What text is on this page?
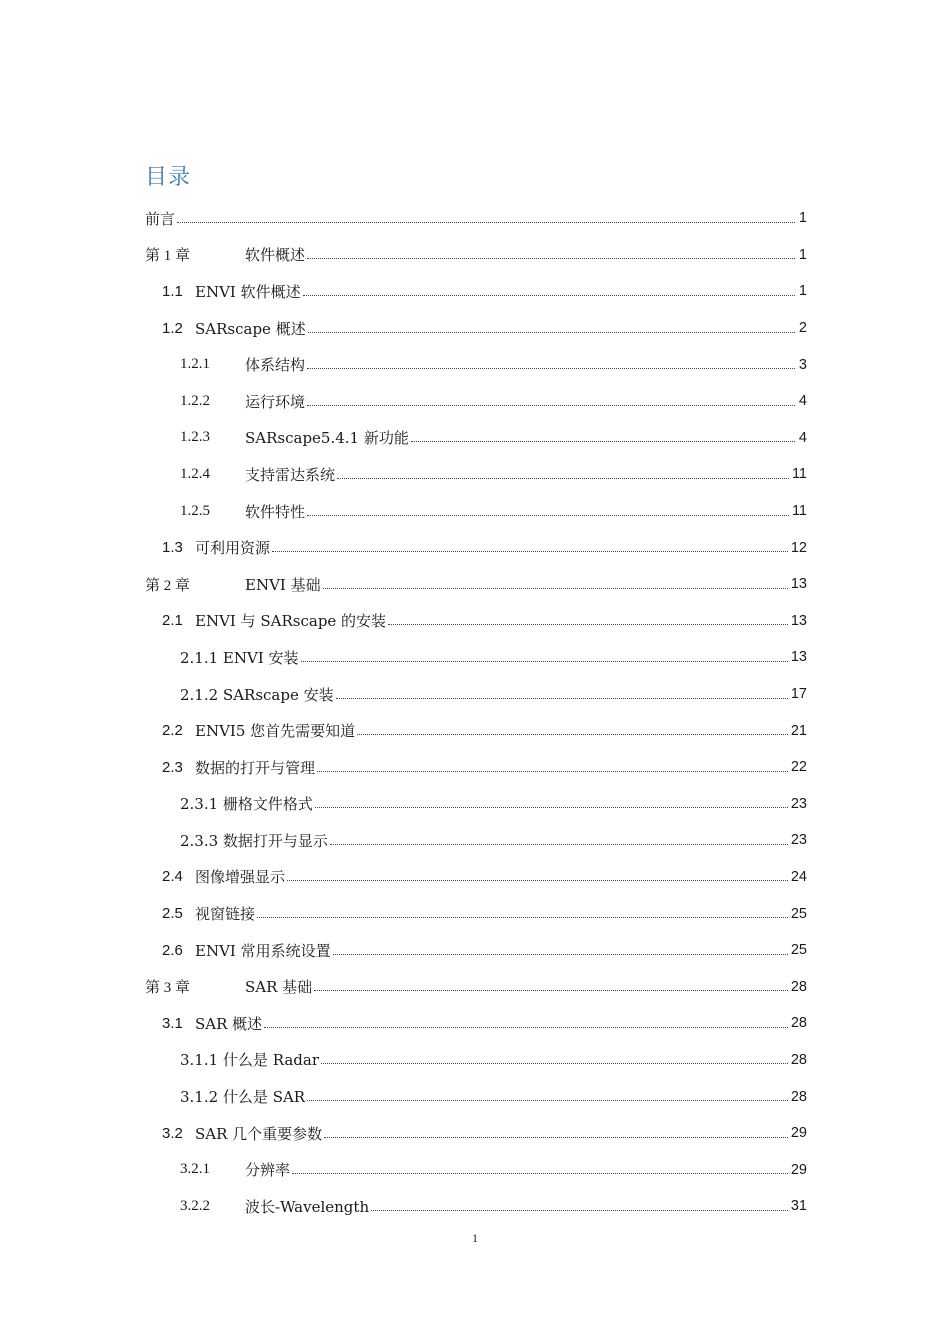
目录
前言	1
第 1 章	软件概述	1
1.1 ENVI 软件概述	1
1.2 SARscape 概述	2
1.2.1	体系结构	3
1.2.2	运行环境	4
1.2.3	SARscape5.4.1 新功能	4
1.2.4	支持雷达系统	11
1.2.5	软件特性	11
1.3 可利用资源	12
第 2 章	ENVI 基础	13
2.1 ENVI 与 SARscape 的安装	13
2.1.1 ENVI 安装	13
2.1.2 SARscape 安装	17
2.2 ENVI5 您首先需要知道	21
2.3 数据的打开与管理	22
2.3.1 栅格文件格式	23
2.3.3 数据打开与显示	23
2.4 图像增强显示	24
2.5 视窗链接	25
2.6 ENVI 常用系统设置	25
第 3 章	SAR 基础	28
3.1 SAR 概述	28
3.1.1 什么是 Radar	28
3.1.2 什么是 SAR	28
3.2 SAR 几个重要参数	29
3.2.1	分辨率	29
3.2.2	波长-Wavelength	31
1
